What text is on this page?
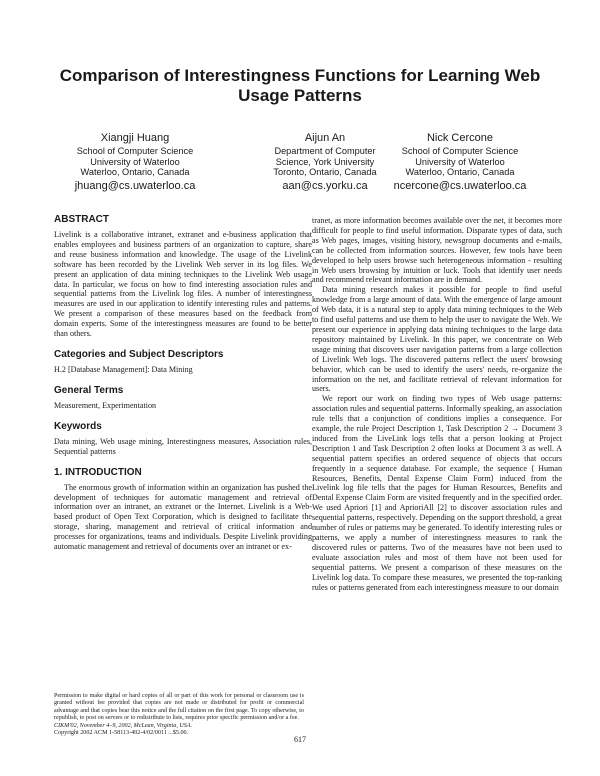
Comparison of Interestingness Functions for Learning Web Usage Patterns
Xiangji Huang
School of Computer Science
University of Waterloo
Waterloo, Ontario, Canada
jhuang@cs.uwaterloo.ca
Aijun An
Department of Computer
Science, York University
Toronto, Ontario, Canada
aan@cs.yorku.ca
Nick Cercone
School of Computer Science
University of Waterloo
Waterloo, Ontario, Canada
ncercone@cs.uwaterloo.ca
ABSTRACT

Livelink is a collaborative intranet, extranet and e-business application that enables employees and business partners of an organization to capture, share and reuse business information and knowledge. The usage of the Livelink software has been recorded by the Livelink Web server in its log files. We present an application of data mining techniques to the Livelink Web usage data. In particular, we focus on how to find interesting association rules and sequential patterns from the Livelink log files. A number of interestingness measures are used in our application to identify interesting rules and patterns. We present a comparison of these measures based on the feedback from domain experts. Some of the interestingness measures are found to be better than others.

Categories and Subject Descriptors

H.2 [Database Management]: Data Mining

General Terms

Measurement, Experimentation

Keywords

Data mining, Web usage mining, Interestingness measures, Association rules, Sequential patterns

1. INTRODUCTION

The enormous growth of information within an organization has pushed the development of techniques for automatic management and retrieval of information over an intranet, an extranet or the Internet. Livelink is a Web-based product of Open Text Corporation, which is designed to facilitate the storage, sharing, management and retrieval of critical information and processes for organizations, teams and individuals. Despite Livelink providing automatic management and retrieval of documents over an intranet or ex-

tranet, as more information becomes available over the net, it becomes more difficult for people to find useful information. Disparate types of data, such as Web pages, images, visiting history, newsgroup documents and e-mails, can be collected from information sources. However, few tools have been developed to help users browse such heterogeneous information - resulting in Web users browsing by intuition or luck. Tools that identify user needs and recommend relevant information are in demand.

Data mining research makes it possible for people to find useful knowledge from a large amount of data. With the emergence of large amount of Web data, it is a natural step to apply data mining techniques to the Web to find useful patterns and use them to help the user to navigate the Web. We present our experience in applying data mining techniques to the large data repository maintained by Livelink. In this paper, we concentrate on Web usage mining that discovers user navigation patterns from a large collection of Livelink Web logs. The discovered patterns reflect the users' browsing behavior, which can be used to identify the users' needs, re-organize the information on the net, and facilitate retrieval of relevant information for users.

We report our work on finding two types of Web usage patterns: association rules and sequential patterns. Informally speaking, an association rule tells that a conjunction of conditions implies a consequence. For example, the rule Project Description 1, Task Description 2 → Document 3 induced from the LiveLink logs tells that a person looking at Project Description 1 and Task Description 2 often looks at Document 3 as well. A sequential pattern specifies an ordered sequence of objects that occurs frequently in a sequence database. For example, the sequence ⟨ Human Resources, Benefits, Dental Expense Claim Form⟩ induced from the Livelink log file tells that the pages for Human Resources, Benefits and Dental Expense Claim Form are visited frequently and in the specified order. We used Apriori [1] and AprioriAll [2] to discover association rules and sequential patterns, respectively. Depending on the support threshold, a great number of rules or patterns may be generated. To identify interesting rules or patterns, we apply a number of interestingness measures to rank the discovered rules or patterns. Two of the measures have not been used to evaluate association rules and most of them have not been used for sequential patterns. We present a comparison of these measures on the Livelink log data. To compare these measures, we presented the top-ranking rules or patterns generated from each interestingness measure to our domain

Permission to make digital or hard copies of all or part of this work for personal or classroom use is granted without fee provided that copies are not made or distributed for profit or commercial advantage and that copies bear this notice and the full citation on the first page. To copy otherwise, to republish, to post on servers or to redistribute to lists, requires prior specific permission and/or a fee.

CIKM'02, November 4–9, 2002, McLean, Virginia, USA.

Copyright 2002 ACM 1-58113-492-4/02/0011 ...$5.00.

617
